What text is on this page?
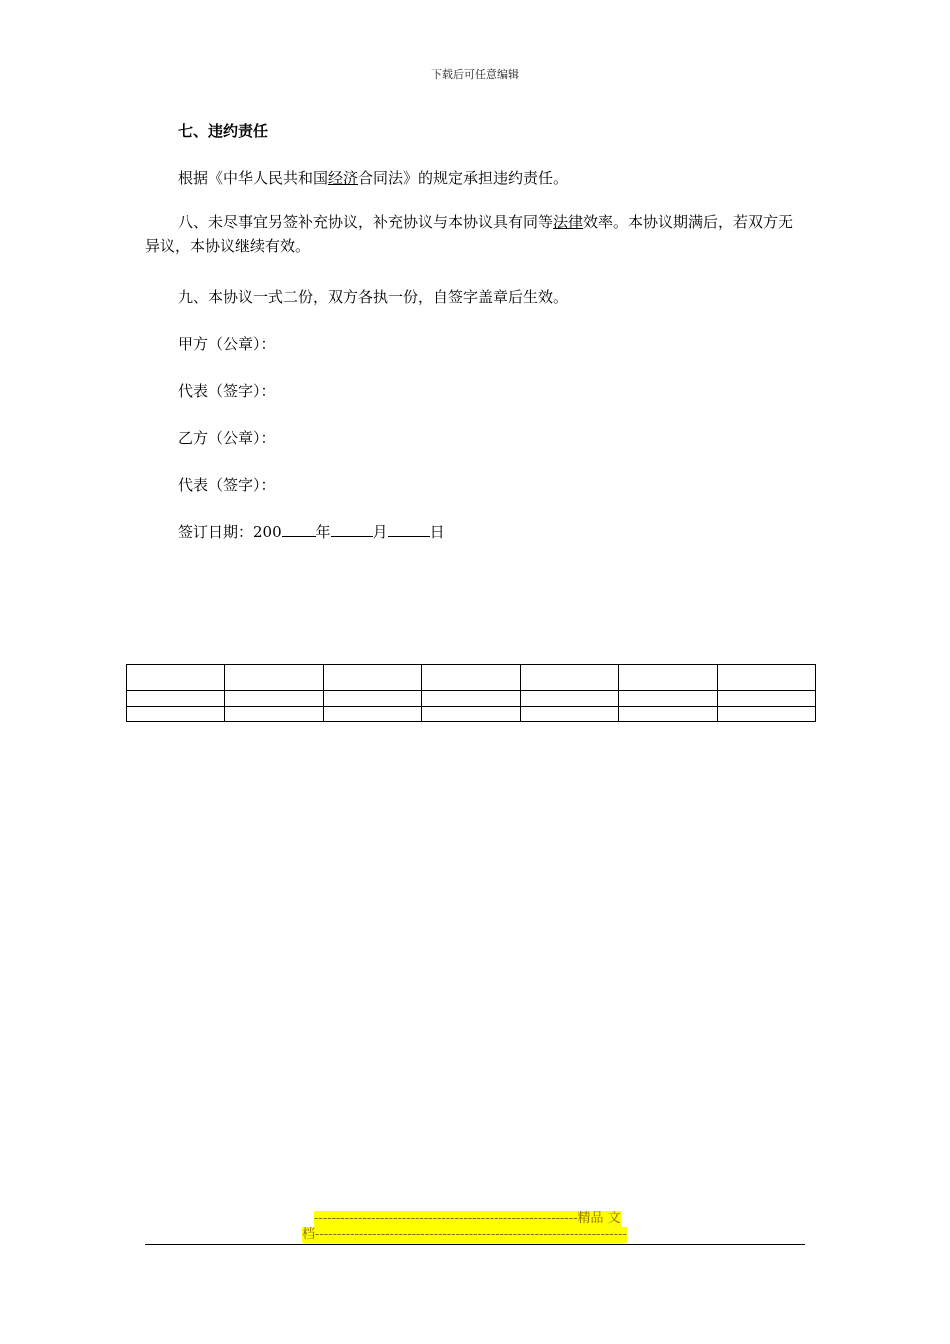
下载后可任意编辑
七、违约责任
根据《中华人民共和国经济合同法》的规定承担违约责任。
八、未尽事宜另签补充协议，补充协议与本协议具有同等法律效率。本协议期满后，若双方无异议，本协议继续有效。
九、本协议一式二份，双方各执一份，自签字盖章后生效。
甲方（公章）：
代表（签字）：
乙方（公章）：
代表（签字）：
签订日期：200 年	月	日

------------------------------------------------------------精品 文
档-----------------------------------------------------------------------
